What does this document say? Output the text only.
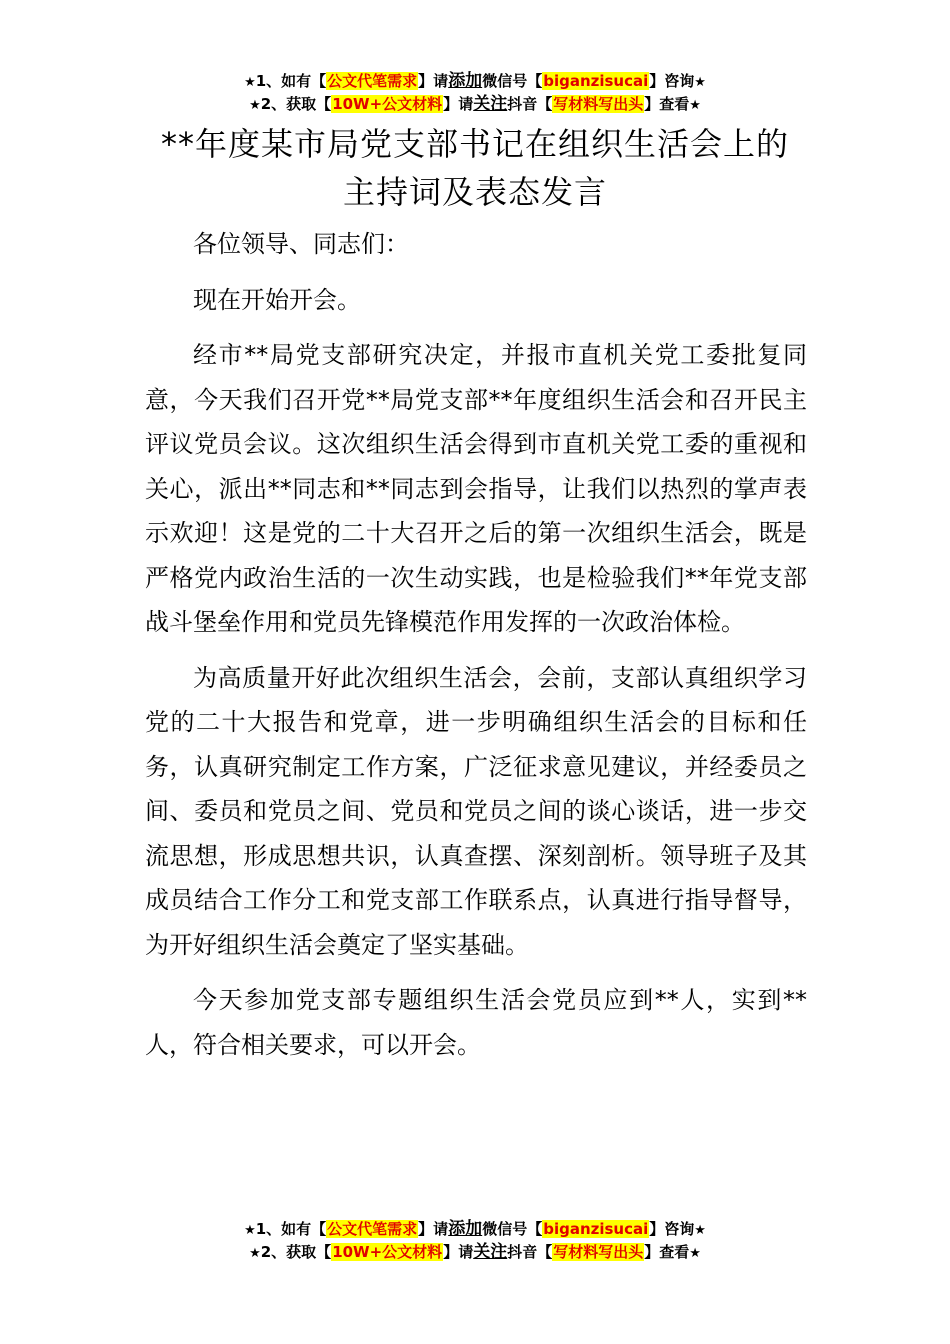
★1、如有【公文代笔需求】请添加微信号【biganzisucai】咨询★
★2、获取【10W+公文材料】请关注抖音【写材料写出头】查看★
**年度某市局党支部书记在组织生活会上的
主持词及表态发言

各位领导、同志们：

现在开始开会。

经市**局党支部研究决定，并报市直机关党工委批复同意，今天我们召开党**局党支部**年度组织生活会和召开民主评议党员会议。这次组织生活会得到市直机关党工委的重视和关心，派出**同志和**同志到会指导，让我们以热烈的掌声表示欢迎！这是党的二十大召开之后的第一次组织生活会，既是严格党内政治生活的一次生动实践，也是检验我们**年党支部战斗堡垒作用和党员先锋模范作用发挥的一次政治体检。

为高质量开好此次组织生活会，会前，支部认真组织学习党的二十大报告和党章，进一步明确组织生活会的目标和任务，认真研究制定工作方案，广泛征求意见建议，并经委员之间、委员和党员之间、党员和党员之间的谈心谈话，进一步交流思想，形成思想共识，认真查摆、深刻剖析。领导班子及其成员结合工作分工和党支部工作联系点，认真进行指导督导，为开好组织生活会奠定了坚实基础。

今天参加党支部专题组织生活会党员应到**人，实到**人，符合相关要求，可以开会。

★1、如有【公文代笔需求】请添加微信号【biganzisucai】咨询★
★2、获取【10W+公文材料】请关注抖音【写材料写出头】查看★
